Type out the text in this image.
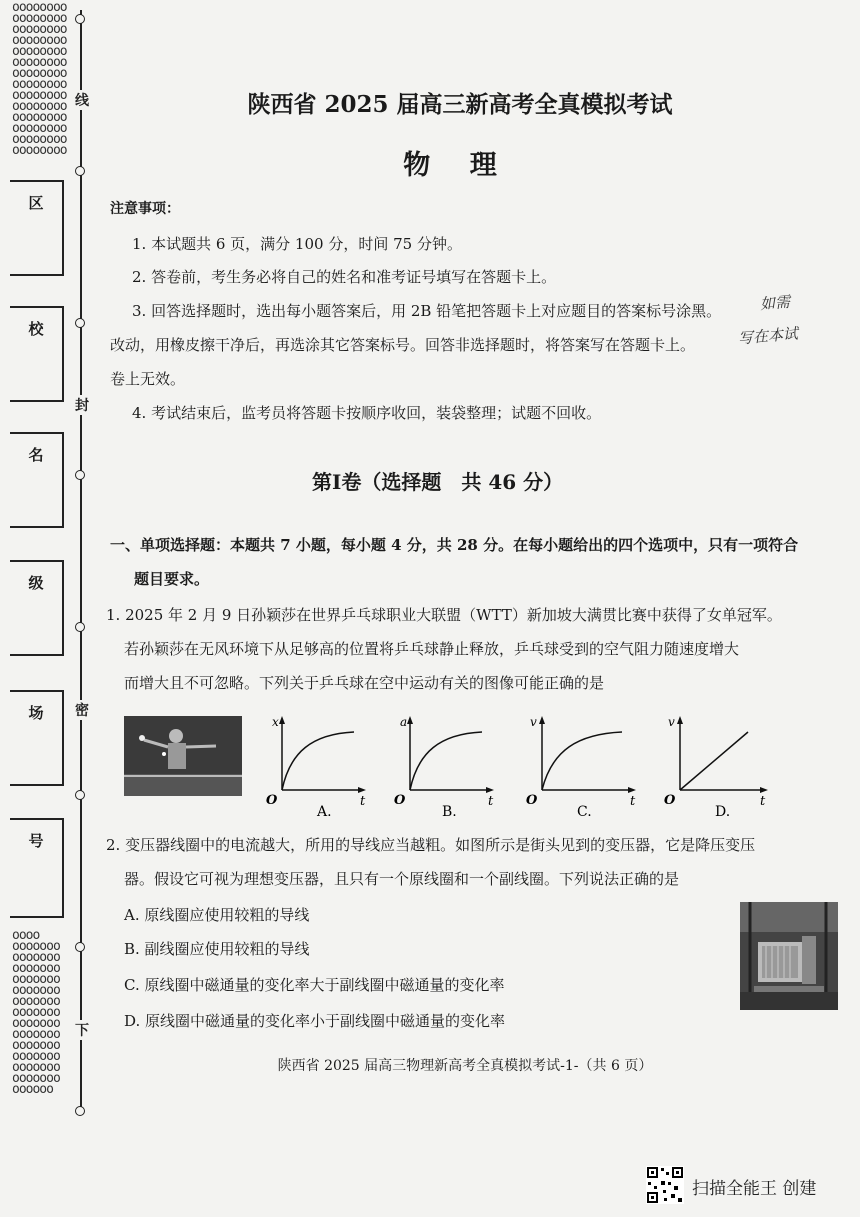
oooooooo
oooooooo
oooooooo
oooooooo
oooooooo
oooooooo
oooooooo
oooooooo
oooooooo
oooooooo
oooooooo
oooooooo
oooooooo
oooooooo
oooo
ooooooo
ooooooo
ooooooo
ooooooo
ooooooo
ooooooo
ooooooo
ooooooo
ooooooo
ooooooo
ooooooo
ooooooo
ooooooo
oooooo
线
封
密
下
区
校
名
级
场
号
陕西省 2025 届高三新高考全真模拟考试
物 理
注意事项：
1. 本试题共 6 页，满分 100 分，时间 75 分钟。
2. 答卷前，考生务必将自己的姓名和准考证号填写在答题卡上。
3. 回答选择题时，选出每小题答案后，用 2B 铅笔把答题卡上对应题目的答案标号涂黑。	如需
改动，用橡皮擦干净后，再选涂其它答案标号。回答非选择题时，将答案写在答题卡上。	写在本试
卷上无效。
4. 考试结束后，监考员将答题卡按顺序收回，装袋整理；试题不回收。
第Ⅰ卷（选择题　共 46 分）
一、单项选择题：本题共 7 小题，每小题 4 分，共 28 分。在每小题给出的四个选项中，只有一项符合
题目要求。
1. 2025 年 2 月 9 日孙颖莎在世界乒乓球职业大联盟（WTT）新加坡大满贯比赛中获得了女单冠军。
若孙颖莎在无风环境下从足够高的位置将乒乓球静止释放，乒乓球受到的空气阻力随速度增大
而增大且不可忽略。下列关于乒乓球在空中运动有关的图像可能正确的是
x
t
O
A.
a
t
O
B.
v
t
O
C.
v
t
O
D.
2. 变压器线圈中的电流越大，所用的导线应当越粗。如图所示是街头见到的变压器，它是降压变压
器。假设它可视为理想变压器，且只有一个原线圈和一个副线圈。下列说法正确的是
A. 原线圈应使用较粗的导线
B. 副线圈应使用较粗的导线
C. 原线圈中磁通量的变化率大于副线圈中磁通量的变化率
D. 原线圈中磁通量的变化率小于副线圈中磁通量的变化率
陕西省 2025 届高三物理新高考全真模拟考试-1-（共 6 页）
扫描全能王 创建
